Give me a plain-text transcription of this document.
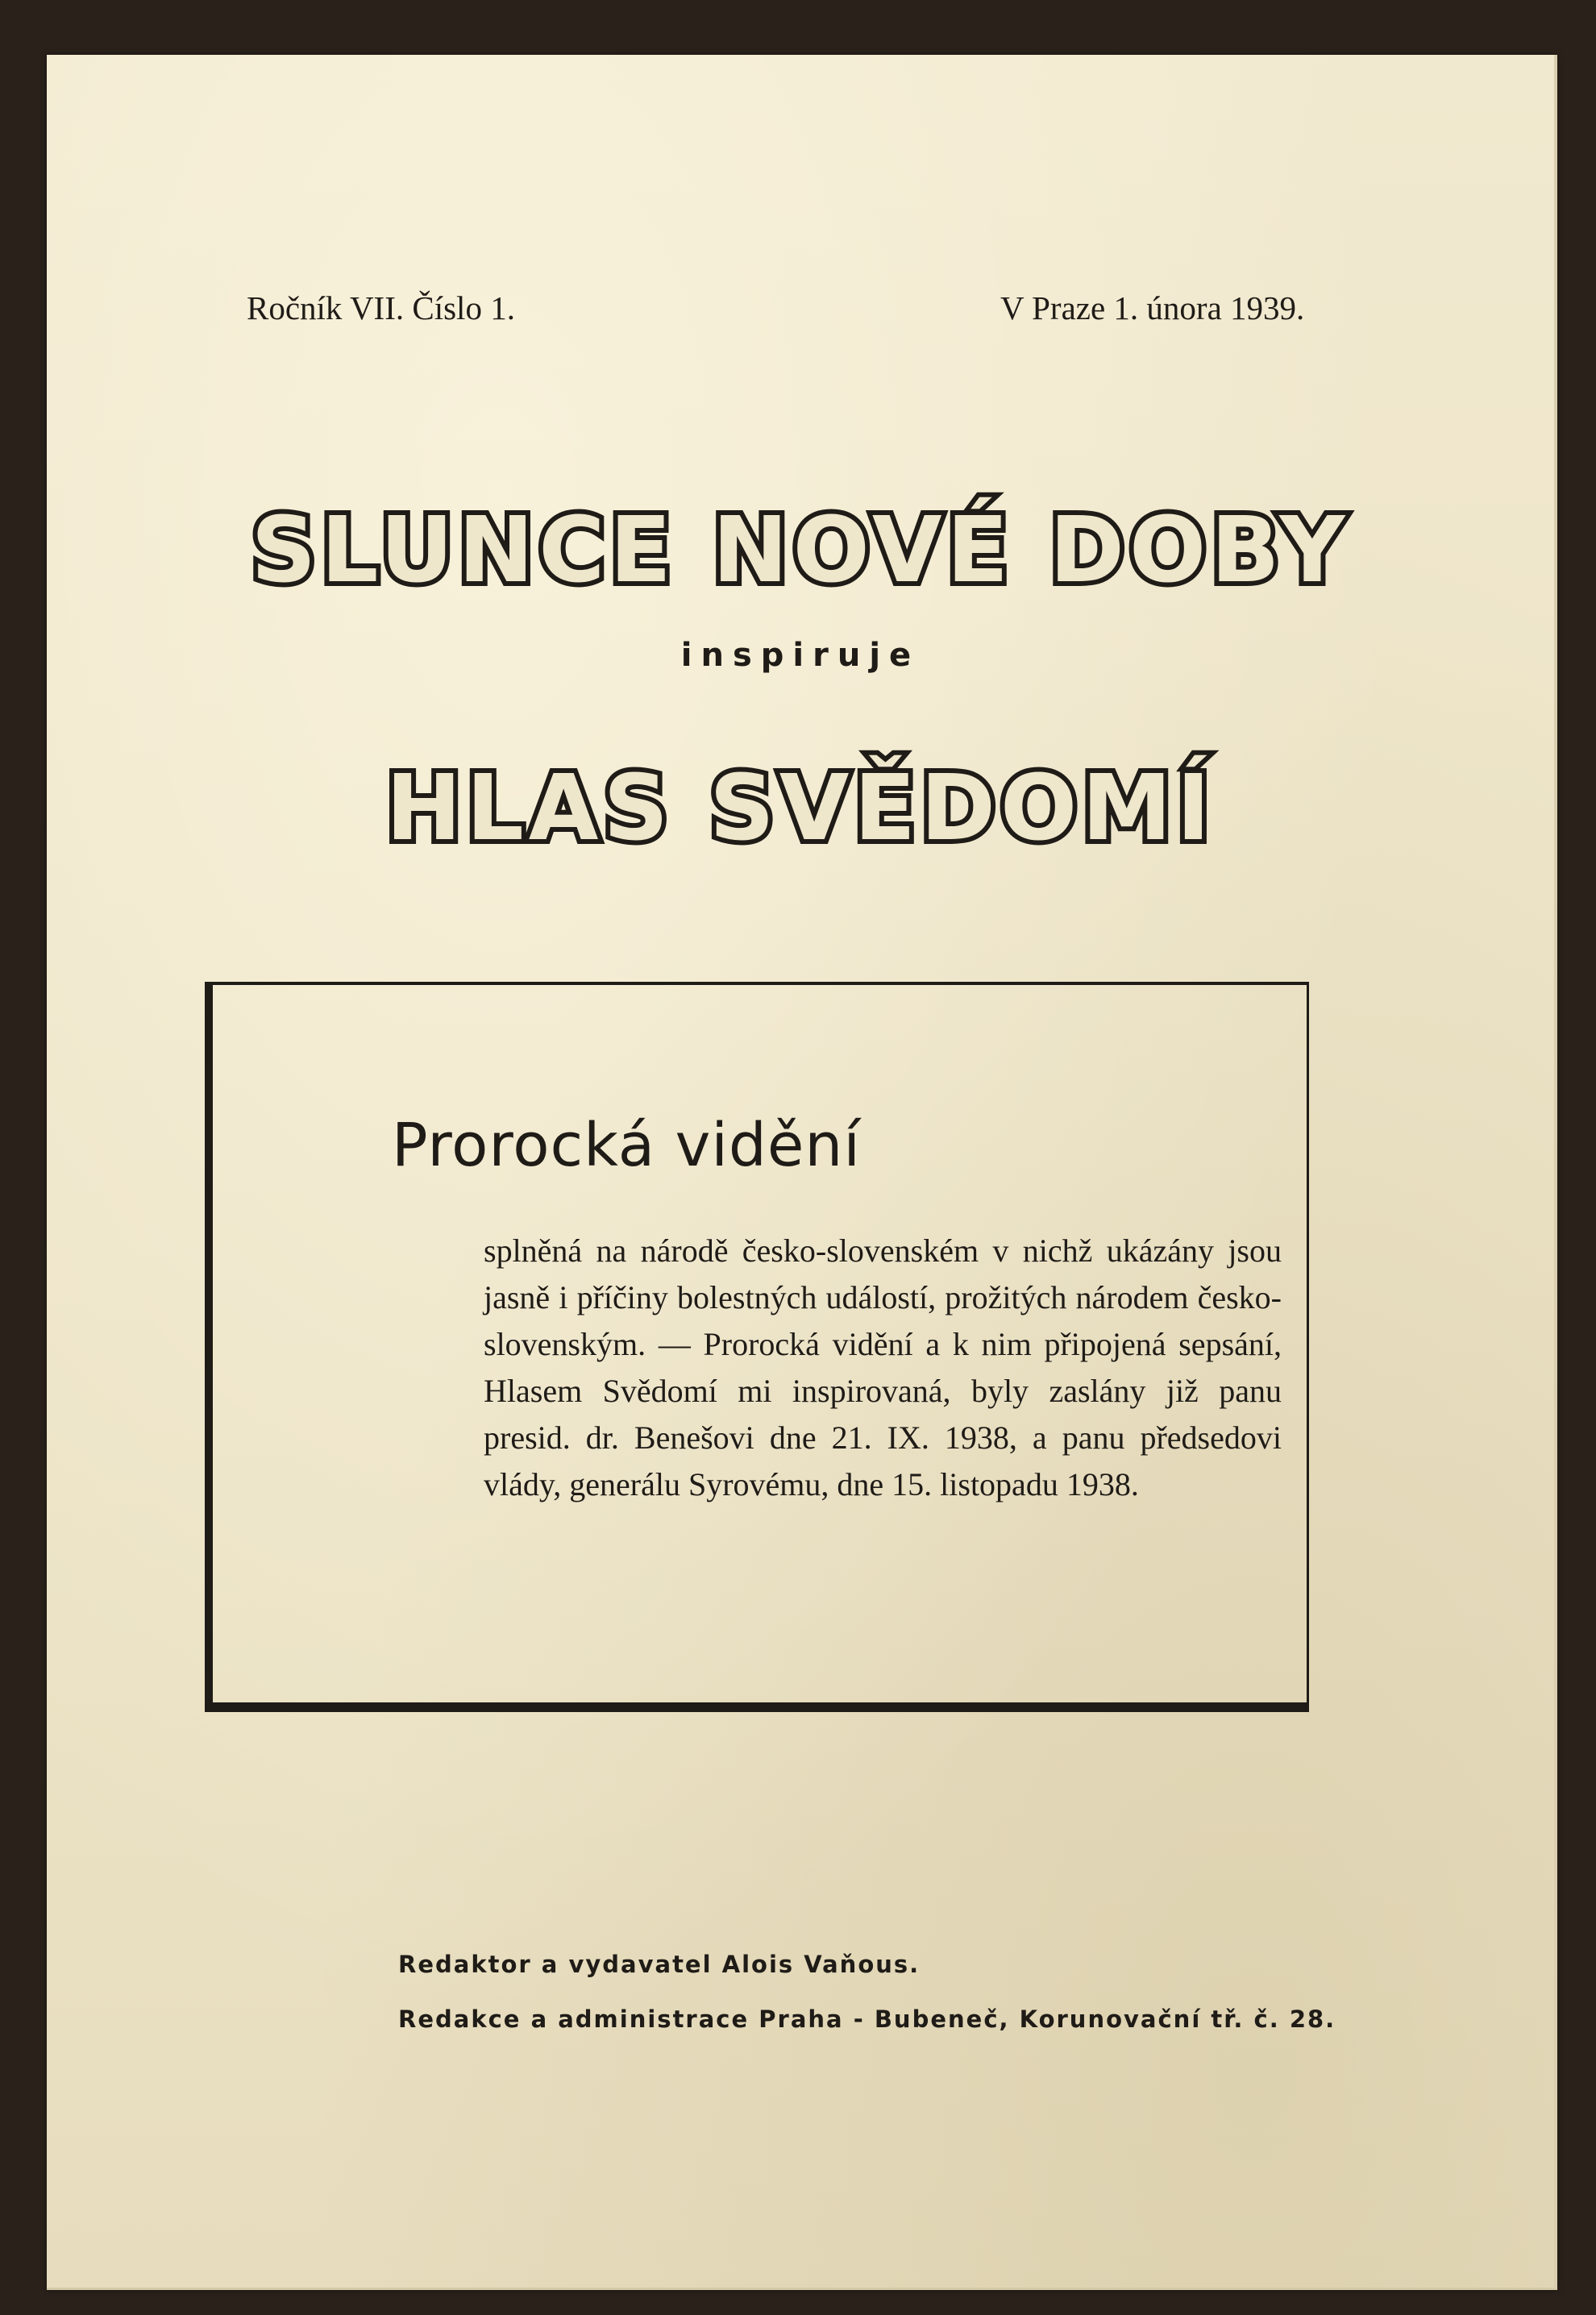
Ročník VII. Číslo 1.	V Praze 1. února 1939.
SLUNCE NOVÉ DOBY
inspiruje
HLAS SVĚDOMÍ
Prorocká vidění
splněná na národě česko-slovenském v nichž ukázány jsou jasně i příčiny bolestných událostí, prožitých národem česko-slovenským. — Prorocká vidění a k nim připojená sepsání, Hlasem Svědomí mi inspirovaná, byly zaslány již panu presid. dr. Benešovi dne 21. IX. 1938, a panu předsedovi vlády, generálu Syrovému, dne 15. listopadu 1938.
Redaktor a vydavatel Alois Vaňous.
Redakce a administrace Praha - Bubeneč, Korunovační tř. č. 28.
